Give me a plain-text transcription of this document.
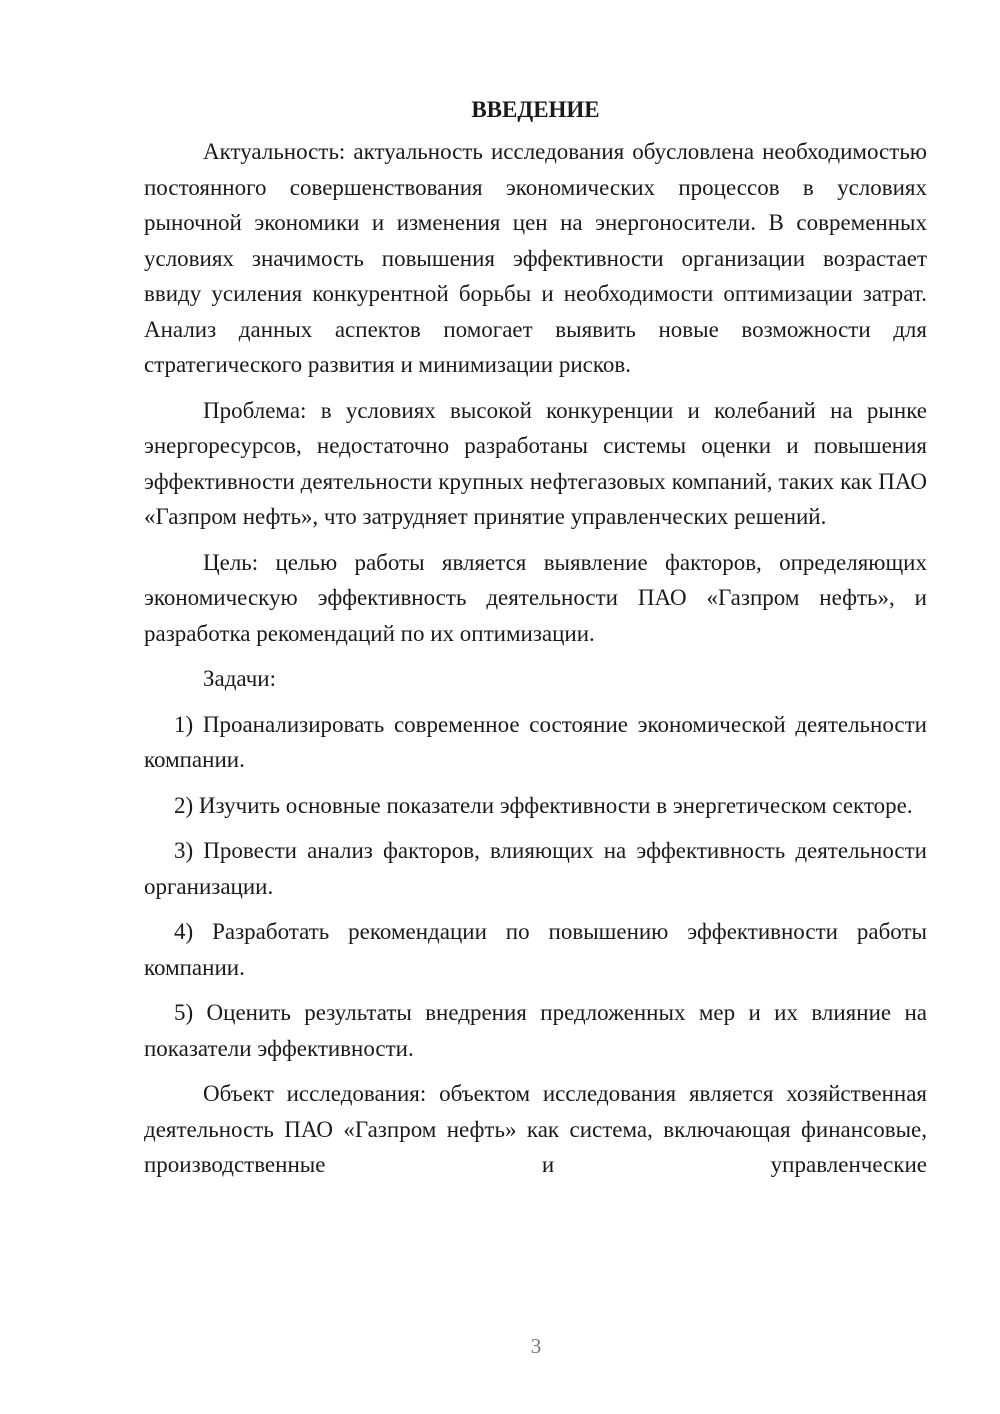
ВВЕДЕНИЕ

Актуальность: актуальность исследования обусловлена необходимостью постоянного совершенствования экономических процессов в условиях рыночной экономики и изменения цен на энергоносители. В современных условиях значимость повышения эффективности организации возрастает ввиду усиления конкурентной борьбы и необходимости оптимизации затрат. Анализ данных аспектов помогает выявить новые возможности для стратегического развития и минимизации рисков.

Проблема: в условиях высокой конкуренции и колебаний на рынке энергоресурсов, недостаточно разработаны системы оценки и повышения эффективности деятельности крупных нефтегазовых компаний, таких как ПАО «Газпром нефть», что затрудняет принятие управленческих решений.

Цель: целью работы является выявление факторов, определяющих экономическую эффективность деятельности ПАО «Газпром нефть», и разработка рекомендаций по их оптимизации.

Задачи:

1) Проанализировать современное состояние экономической деятельности компании.

2) Изучить основные показатели эффективности в энергетическом секторе.

3) Провести анализ факторов, влияющих на эффективность деятельности организации.

4) Разработать рекомендации по повышению эффективности работы компании.

5) Оценить результаты внедрения предложенных мер и их влияние на показатели эффективности.

Объект исследования: объектом исследования является хозяйственная деятельность ПАО «Газпром нефть» как система, включающая финансовые, производственные и управленческие

3
